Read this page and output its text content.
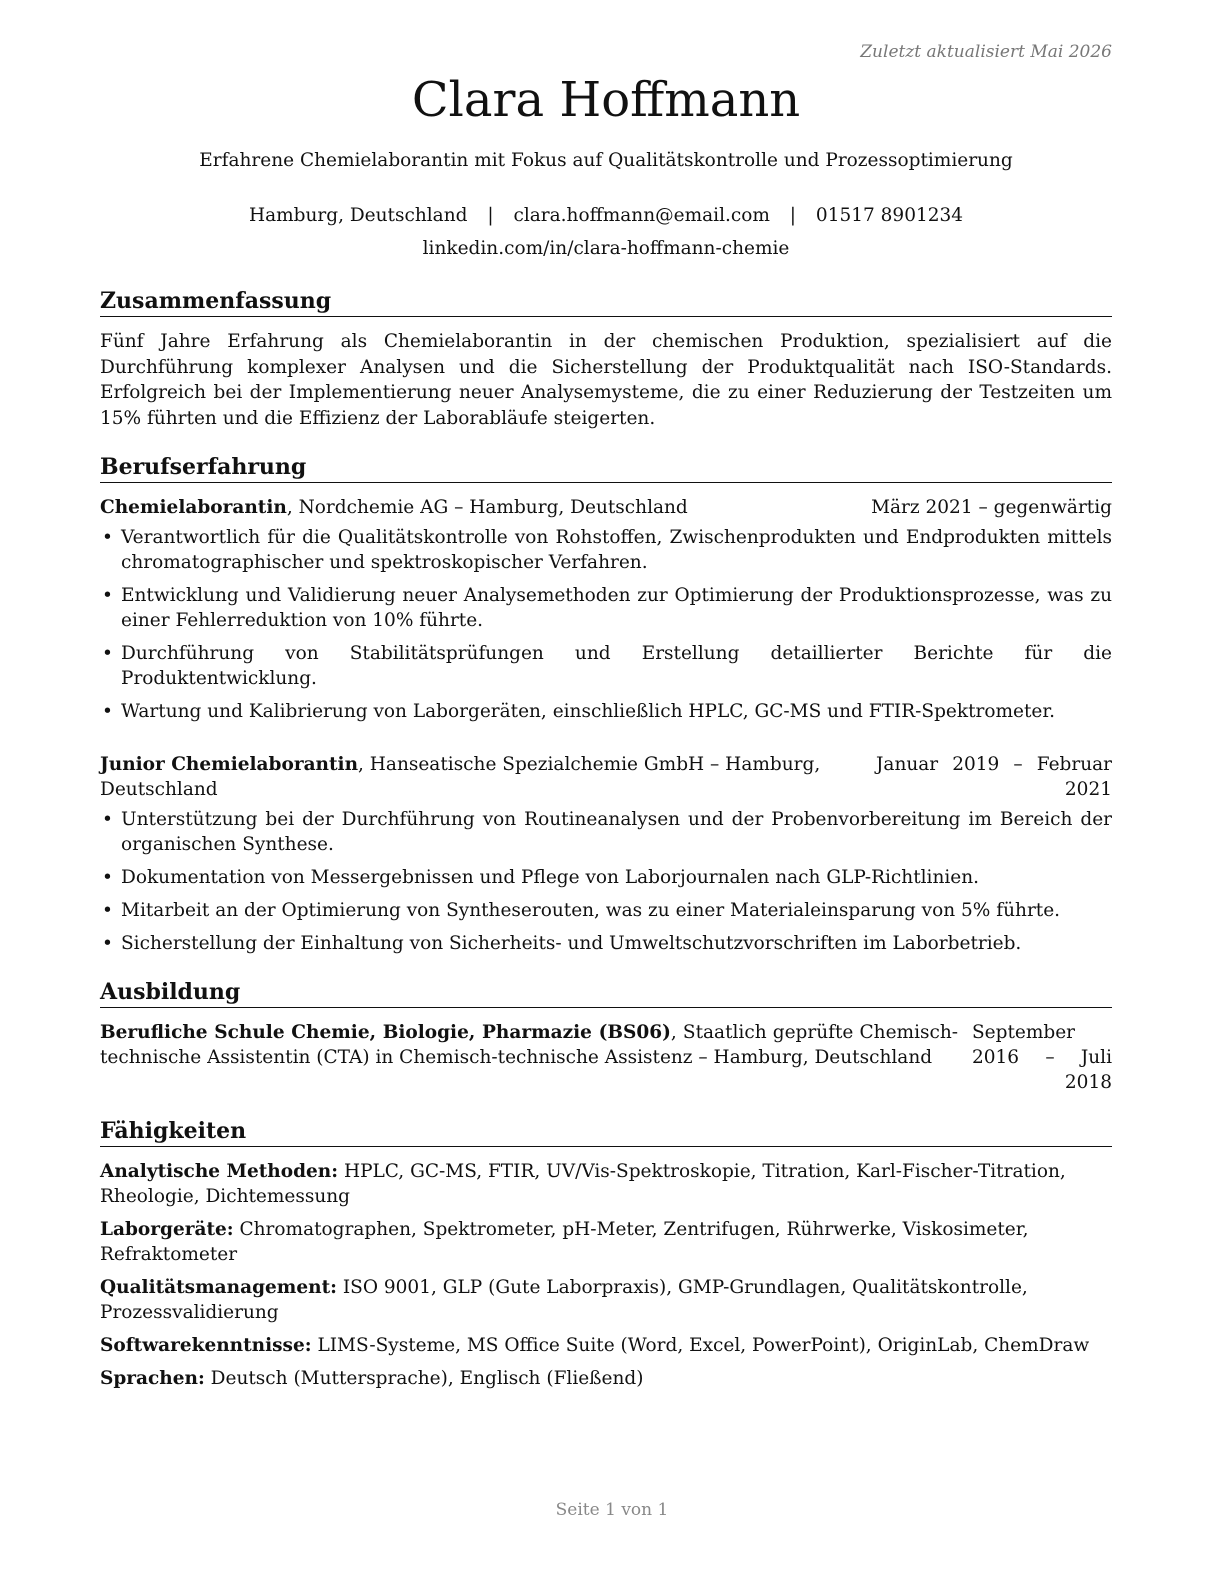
Zuletzt aktualisiert Mai 2026
Clara Hoffmann
Erfahrene Chemielaborantin mit Fokus auf Qualitätskontrolle und Prozessoptimierung
Hamburg, Deutschland | clara.hoffmann@email.com | 01517 8901234
linkedin.com/in/clara-hoffmann-chemie
Zusammenfassung
Fünf Jahre Erfahrung als Chemielaborantin in der chemischen Produktion, spezialisiert auf die Durchführung komplexer Analysen und die Sicherstellung der Produktqualität nach ISO-Standards. Erfolgreich bei der Implementierung neuer Analysemysteme, die zu einer Reduzierung der Testzeiten um 15% führten und die Effizienz der Laborabläufe steigerten.
Berufserfahrung
Chemielaborantin, Nordchemie AG – Hamburg, Deutschland	März 2021 – gegenwärtig
• Verantwortlich für die Qualitätskontrolle von Rohstoffen, Zwischenprodukten und Endprodukten mittels chromatographischer und spektroskopischer Verfahren.
• Entwicklung und Validierung neuer Analysemethoden zur Optimierung der Produktionsprozesse, was zu einer Fehlerreduktion von 10% führte.
• Durchführung von Stabilitätsprüfungen und Erstellung detaillierter Berichte für die Produktentwicklung.
• Wartung und Kalibrierung von Laborgeräten, einschließlich HPLC, GC-MS und FTIR-Spektrometer.
Junior Chemielaborantin, Hanseatische Spezialchemie GmbH – Hamburg, Deutschland
Januar 2019 – Februar 2021
• Unterstützung bei der Durchführung von Routineanalysen und der Probenvorbereitung im Bereich der organischen Synthese.
• Dokumentation von Messergebnissen und Pflege von Laborjournalen nach GLP-Richtlinien.
• Mitarbeit an der Optimierung von Syntheserouten, was zu einer Materialeinsparung von 5% führte.
• Sicherstellung der Einhaltung von Sicherheits- und Umweltschutzvorschriften im Laborbetrieb.
Ausbildung
Berufliche Schule Chemie, Biologie, Pharmazie (BS06), Staatlich geprüfte Chemisch-technische Assistentin (CTA) in Chemisch-technische Assistenz – Hamburg, Deutschland
September 2016 – Juli 2018
Fähigkeiten
Analytische Methoden: HPLC, GC-MS, FTIR, UV/Vis-Spektroskopie, Titration, Karl-Fischer-Titration, Rheologie, Dichtemessung
Laborgeräte: Chromatographen, Spektrometer, pH-Meter, Zentrifugen, Rührwerke, Viskosimeter, Refraktometer
Qualitätsmanagement: ISO 9001, GLP (Gute Laborpraxis), GMP-Grundlagen, Qualitätskontrolle, Prozessvalidierung
Softwarekenntnisse: LIMS-Systeme, MS Office Suite (Word, Excel, PowerPoint), OriginLab, ChemDraw
Sprachen: Deutsch (Muttersprache), Englisch (Fließend)
Seite 1 von 1
